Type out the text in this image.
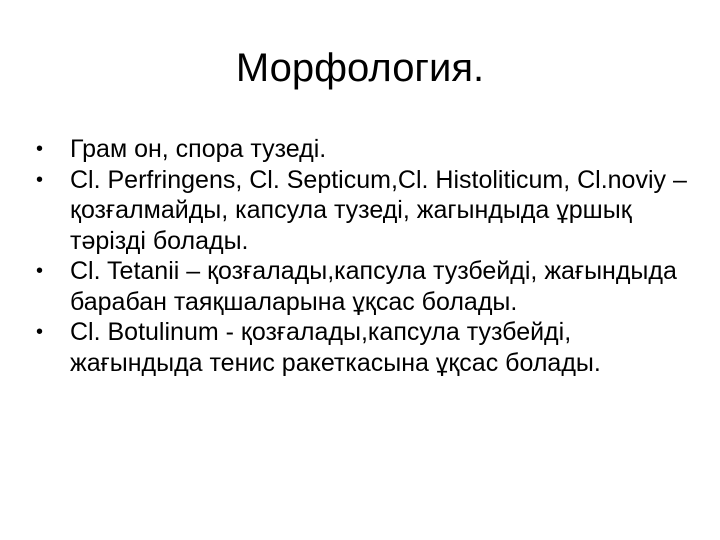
Морфология.
• Грам он, спора тузеді.
• Cl. Perfringens, Cl. Septicum,Cl. Histoliticum, Cl.noviy – қозғалмайды, капсула тузеді, жагындыда ұршық тəрізді болады.
• Cl. Tetanii – қозғалады,капсула тузбейді, жағындыда барабан таяқшаларына ұқсас болады.
• Cl. Botulinum - қозғалады,капсула тузбейді, жағындыда тенис ракеткасына ұқсас болады.
